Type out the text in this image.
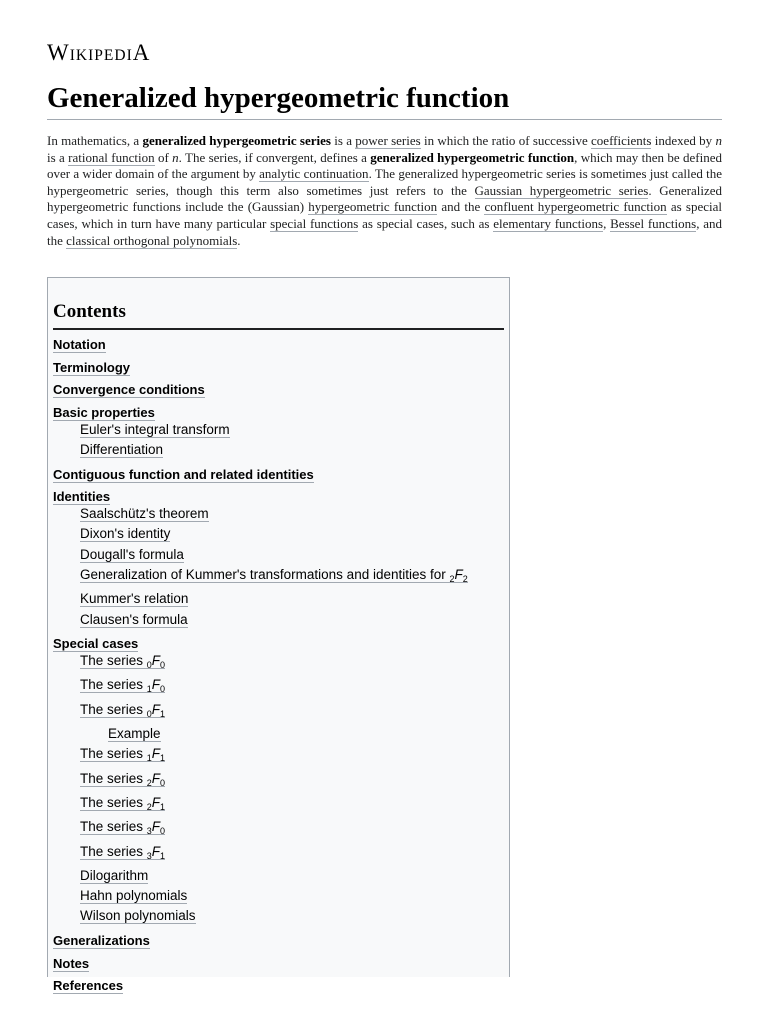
WIKIPEDIA
Generalized hypergeometric function

In mathematics, a generalized hypergeometric series is a power series in which the ratio of successive coefficients indexed by n is a rational function of n. The series, if convergent, defines a generalized hypergeometric function, which may then be defined over a wider domain of the argument by analytic continuation. The generalized hypergeometric series is sometimes just called the hypergeometric series, though this term also sometimes just refers to the Gaussian hypergeometric series. Generalized hypergeometric functions include the (Gaussian) hypergeometric function and the confluent hypergeometric function as special cases, which in turn have many particular special functions as special cases, such as elementary functions, Bessel functions, and the classical orthogonal polynomials.

Contents
Notation
Terminology
Convergence conditions
Basic properties
Euler's integral transform
Differentiation
Contiguous function and related identities
Identities
Saalschütz's theorem
Dixon's identity
Dougall's formula
Generalization of Kummer's transformations and identities for $_2F_2$
Kummer's relation
Clausen's formula
Special cases
The series $_0F_0$
The series $_1F_0$
The series $_0F_1$
Example
The series $_1F_1$
The series $_2F_0$
The series $_2F_1$
The series $_3F_0$
The series $_3F_1$
Dilogarithm
Hahn polynomials
Wilson polynomials
Generalizations
Notes
References
